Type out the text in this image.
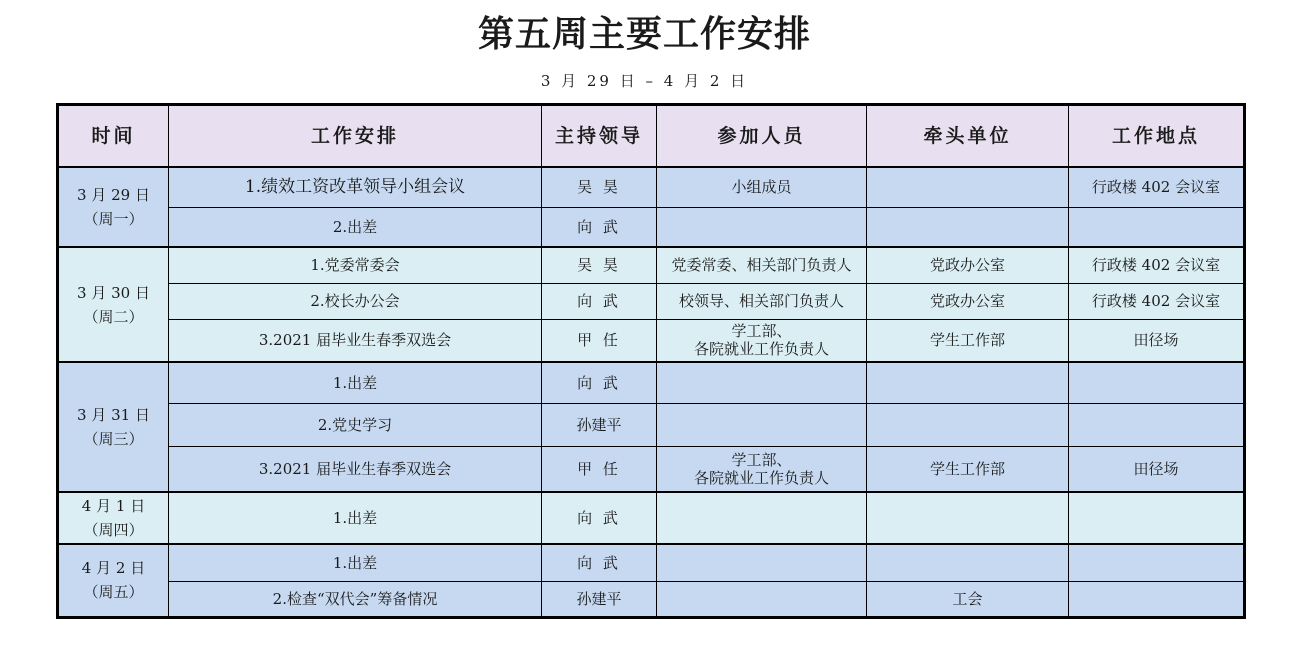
第五周主要工作安排
3 月 29 日 – 4 月 2 日
时间	工作安排	主持领导	参加人员	牵头单位	工作地点

3 月 29 日
（周一）	1.绩效工资改革领导小组会议	吴 昊	小组成员		行政楼 402 会议室
	2.出差	向 武			

3 月 30 日
（周二）	1.党委常委会	吴 昊	党委常委、相关部门负责人	党政办公室	行政楼 402 会议室
	2.校长办公会	向 武	校领导、相关部门负责人	党政办公室	行政楼 402 会议室
	3.2021 届毕业生春季双选会	甲 任	学工部、
各院就业工作负责人	学生工作部	田径场

3 月 31 日
（周三）	1.出差	向 武			
	2.党史学习	孙建平			
	3.2021 届毕业生春季双选会	甲 任	学工部、
各院就业工作负责人	学生工作部	田径场

4 月 1 日
（周四）	1.出差	向 武			

4 月 2 日
（周五）	1.出差	向 武			
	2.检查“双代会”筹备情况	孙建平		工会	
